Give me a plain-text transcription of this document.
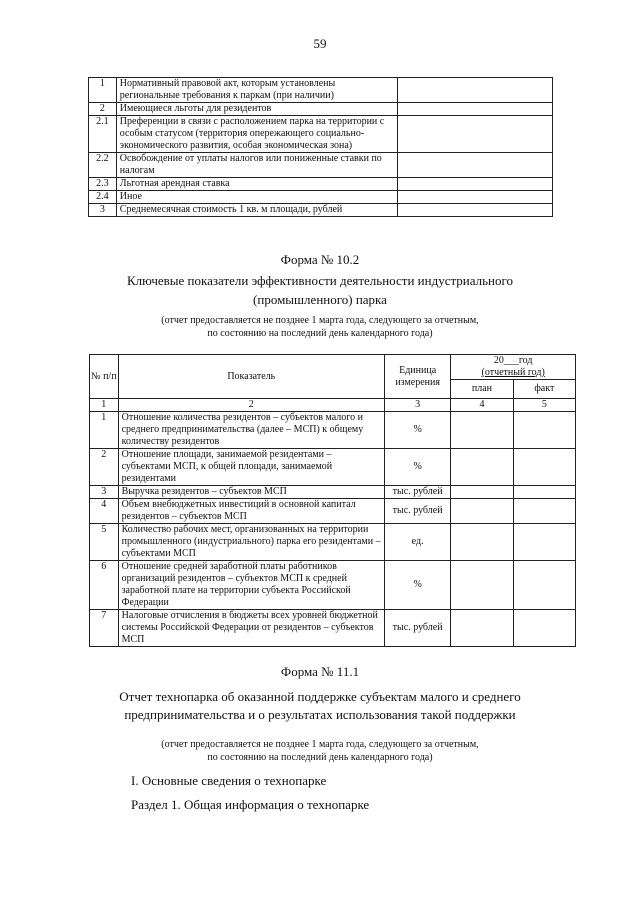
59
1	Нормативный правовой акт, которым установлены региональные требования к паркам (при наличии)	
2	Имеющиеся льготы для резидентов	
2.1	Преференции в связи с расположением парка на территории с особым статусом (территория опережающего социально-экономического развития, особая экономическая зона)	
2.2	Освобождение от уплаты налогов или пониженные ставки по налогам	
2.3	Льготная арендная ставка	
2.4	Иное	
3	Среднемесячная стоимость 1 кв. м площади, рублей	
Форма № 10.2
Ключевые показатели эффективности деятельности индустриального
(промышленного) парка
(отчет предоставляется не позднее 1 марта года, следующего за отчетным,
по состоянию на последний день календарного года)
№ п/п	Показатель	Единица измерения	20___год
(отчетный год)	

			план	факт
1	2	3	4	5
1	Отношение количества резидентов – субъектов малого и среднего предпринимательства (далее – МСП) к общему количеству резидентов	%		
2	Отношение площади, занимаемой резидентами – субъектами МСП, к общей площади, занимаемой резидентами	%		
3	Выручка резидентов – субъектов МСП	тыс. рублей		
4	Объем внебюджетных инвестиций в основной капитал резидентов – субъектов МСП	тыс. рублей		
5	Количество рабочих мест, организованных на территории промышленного (индустриального) парка его резидентами – субъектами МСП	ед.		
6	Отношение средней заработной платы работников организаций резидентов – субъектов МСП к средней заработной плате на территории субъекта Российской Федерации	%		
7	Налоговые отчисления в бюджеты всех уровней бюджетной системы Российской Федерации от резидентов – субъектов МСП	тыс. рублей		
Форма № 11.1
Отчет технопарка об оказанной поддержке субъектам малого и среднего
предпринимательства и о результатах использования такой поддержки
(отчет предоставляется не позднее 1 марта года, следующего за отчетным,
по состоянию на последний день календарного года)
I. Основные сведения о технопарке
Раздел 1. Общая информация о технопарке
